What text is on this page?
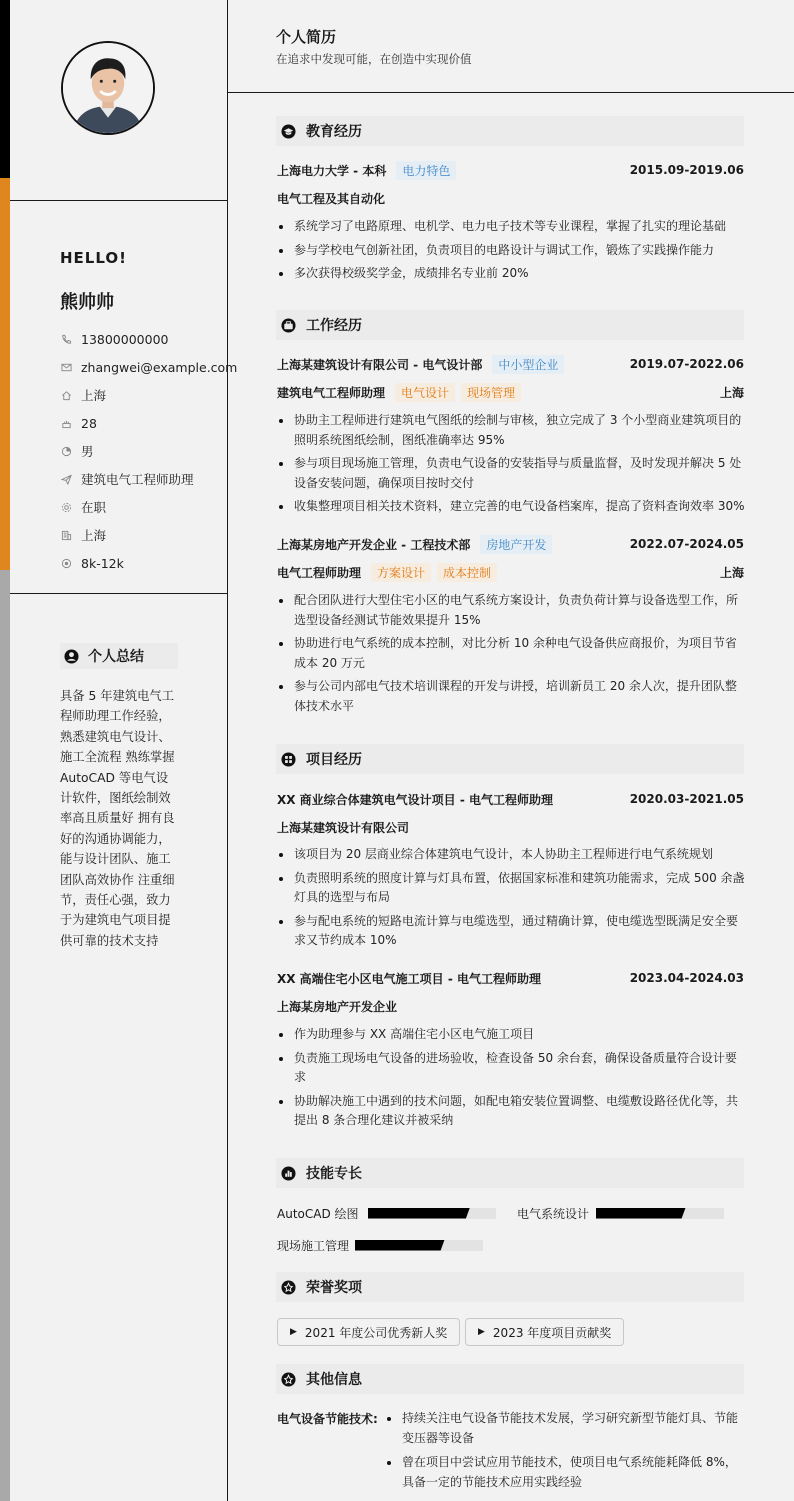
HELLO!
熊帅帅
13800000000
zhangwei@example.com
上海
28
男
建筑电气工程师助理
在职
上海
8k-12k
个人总结
具备 5 年建筑电气工程师助理工作经验，熟悉建筑电气设计、施工全流程 熟练掌握 AutoCAD 等电气设计软件，图纸绘制效率高且质量好 拥有良好的沟通协调能力，能与设计团队、施工团队高效协作 注重细节，责任心强，致力于为建筑电气项目提供可靠的技术支持
个人简历
在追求中发现可能，在创造中实现价值
教育经历
上海电力大学 - 本科	电力特色	2015.09-2019.06
电气工程及其自动化
系统学习了电路原理、电机学、电力电子技术等专业课程，掌握了扎实的理论基础
参与学校电气创新社团，负责项目的电路设计与调试工作，锻炼了实践操作能力
多次获得校级奖学金，成绩排名专业前 20%
工作经历
上海某建筑设计有限公司 - 电气设计部	中小型企业	2019.07-2022.06
建筑电气工程师助理	电气设计	现场管理	上海
协助主工程师进行建筑电气图纸的绘制与审核，独立完成了 3 个小型商业建筑项目的照明系统图纸绘制，图纸准确率达 95%
参与项目现场施工管理，负责电气设备的安装指导与质量监督，及时发现并解决 5 处设备安装问题，确保项目按时交付
收集整理项目相关技术资料，建立完善的电气设备档案库，提高了资料查询效率 30%
上海某房地产开发企业 - 工程技术部	房地产开发	2022.07-2024.05
电气工程师助理	方案设计	成本控制	上海
配合团队进行大型住宅小区的电气系统方案设计，负责负荷计算与设备选型工作，所选型设备经测试节能效果提升 15%
协助进行电气系统的成本控制，对比分析 10 余种电气设备供应商报价，为项目节省成本 20 万元
参与公司内部电气技术培训课程的开发与讲授，培训新员工 20 余人次，提升团队整体技术水平
项目经历
XX 商业综合体建筑电气设计项目 - 电气工程师助理	2020.03-2021.05
上海某建筑设计有限公司
该项目为 20 层商业综合体建筑电气设计，本人协助主工程师进行电气系统规划
负责照明系统的照度计算与灯具布置，依据国家标准和建筑功能需求，完成 500 余盏灯具的选型与布局
参与配电系统的短路电流计算与电缆选型，通过精确计算，使电缆选型既满足安全要求又节约成本 10%
XX 高端住宅小区电气施工项目 - 电气工程师助理	2023.04-2024.03
上海某房地产开发企业
作为助理参与 XX 高端住宅小区电气施工项目
负责施工现场电气设备的进场验收，检查设备 50 余台套，确保设备质量符合设计要求
协助解决施工中遇到的技术问题，如配电箱安装位置调整、电缆敷设路径优化等，共提出 8 条合理化建议并被采纳
技能专长
AutoCAD 绘图	电气系统设计
现场施工管理
荣誉奖项
▶ 2021 年度公司优秀新人奖	▶ 2023 年度项目贡献奖
其他信息
电气设备节能技术:	持续关注电气设备节能技术发展，学习研究新型节能灯具、节能变压器等设备
曾在项目中尝试应用节能技术，使项目电气系统能耗降低 8%，具备一定的节能技术应用实践经验
